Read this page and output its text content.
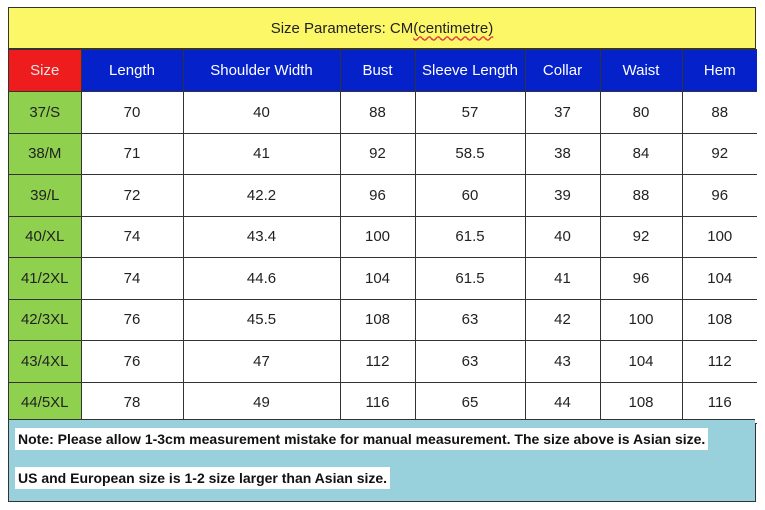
Size Parameters: CM (centimetre)
Size	Length	Shoulder Width	Bust	Sleeve Length	Collar	Waist	Hem
37/S	70	40	88	57	37	80	88
38/M	71	41	92	58.5	38	84	92
39/L	72	42.2	96	60	39	88	96
40/XL	74	43.4	100	61.5	40	92	100
41/2XL	74	44.6	104	61.5	41	96	104
42/3XL	76	45.5	108	63	42	100	108
43/4XL	76	47	112	63	43	104	112
44/5XL	78	49	116	65	44	108	116
Note: Please allow 1-3cm measurement mistake for manual measurement. The size above is Asian size.
US and European size is 1-2 size larger than Asian size.
